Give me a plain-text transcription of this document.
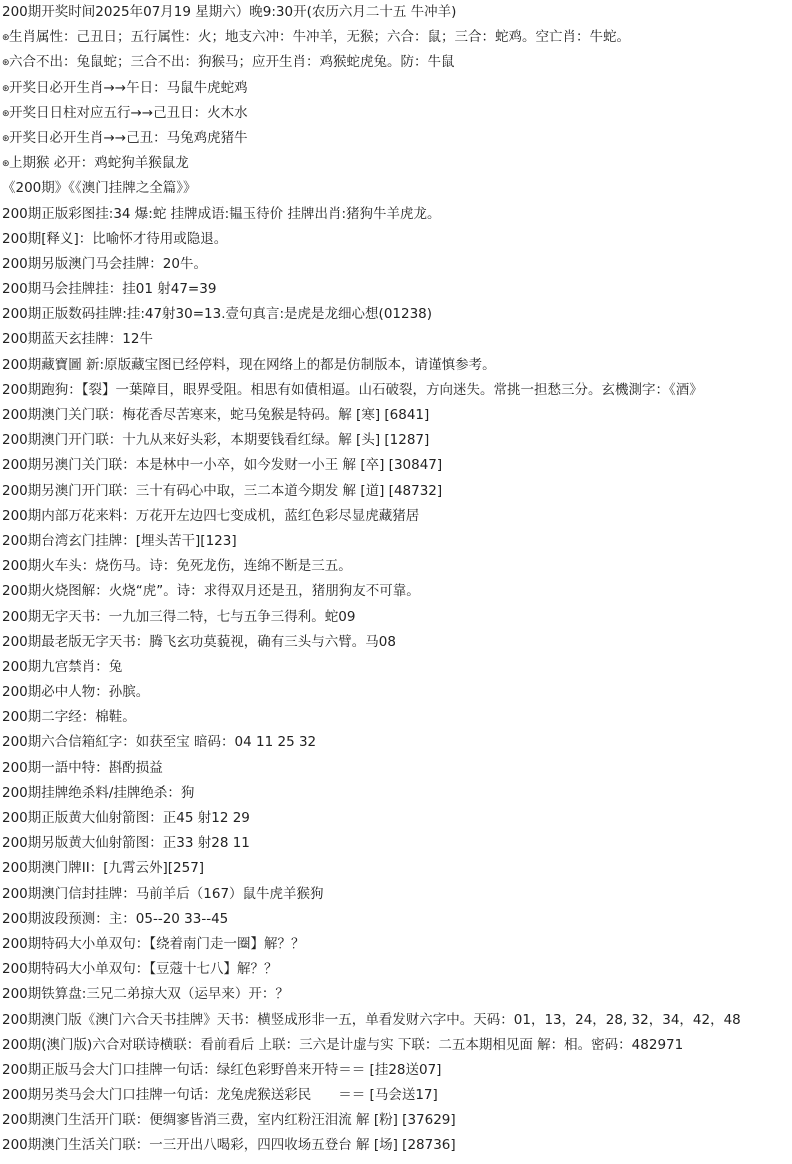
200期开奖时间2025年07月19 星期六）晚9:30开(农历六月二十五 牛冲羊)
⊛生肖属性：己丑日；五行属性：火；地支六冲：牛冲羊，无猴；六合：鼠；三合：蛇鸡。空亡肖：牛蛇。
⊛六合不出：兔鼠蛇；三合不出：狗猴马；应开生肖：鸡猴蛇虎兔。防：牛鼠
⊛开奖日必开生肖→→午日：马鼠牛虎蛇鸡
⊛开奖日日柱对应五行→→己丑日：火木水
⊛开奖日必开生肖→→己丑：马兔鸡虎猪牛
⊛上期猴 必开：鸡蛇狗羊猴鼠龙
《200期》《《澳门挂牌之全篇》》
200期正版彩图挂:34 爆:蛇 挂牌成语:韫玉待价 挂牌出肖:猪狗牛羊虎龙。
200期[释义]：比喻怀才待用或隐退。
200期另版澳门马会挂牌：20牛。
200期马会挂牌挂：挂01 射47=39
200期正版数码挂牌:挂:47射30=13.壹句真言:是虎是龙细心想(01238)
200期蓝天玄挂牌：12牛
200期藏寶圖 新:原版藏宝图已经停料，现在网络上的都是仿制版本，请谨慎参考。
200期跑狗：【裂】一葉障目，眼界受阻。相思有如債相逼。山石破裂，方向迷失。常挑一担愁三分。玄機測字：《酒》
200期澳门关门联：梅花香尽苦寒来，蛇马兔猴是特码。解 [寒] [6841]
200期澳门开门联：十九从来好头彩，本期要钱看红绿。解 [头] [1287]
200期另澳门关门联：本是林中一小卒，如今发财一小王 解 [卒] [30847]
200期另澳门开门联：三十有码心中取，三二本道今期发 解 [道] [48732]
200期内部万花来料：万花开左边四七变成机，蓝红色彩尽显虎藏猪居
200期台湾玄门挂牌：[埋头苦干][123]
200期火车头：烧伤马。诗：免死龙伤，连绵不断是三五。
200期火烧图解：火烧“虎”。诗：求得双月还是丑，猪朋狗友不可靠。
200期无字天书：一九加三得二特，七与五争三得利。蛇09
200期最老版无字天书：腾飞玄功莫藐视，确有三头与六臂。马08
200期九宫禁肖：兔
200期必中人物：孙膑。
200期二字经：棉鞋。
200期六合信箱紅字：如获至宝 暗码：04 11 25 32
200期一語中特：斟酌损益
200期挂牌绝杀料/挂牌绝杀：狗
200期正版黄大仙射箭图：正45 射12 29
200期另版黄大仙射箭图：正33 射28 11
200期澳门牌II：[九霄云外][257]
200期澳门信封挂牌：马前羊后（167）鼠牛虎羊猴狗
200期波段预测：主：05--20 33--45
200期特码大小单双句：【绕着南门走一圈】解？？
200期特码大小单双句：【豆蔻十七八】解？？
200期铁算盘:三兄二弟掠大双（运早来）开：？
200期澳门版《澳门六合天书挂牌》天书：横竖成形非一五，单看发财六字中。天码：01，13，24，28, 32，34，42，48
200期(澳门版)六合对联诗横联：看前看后 上联：三六是计虚与实 下联：二五本期相见面 解：相。密码：482971
200期正版马会大门口挂牌一句话：绿红色彩野兽来开特＝＝ [挂28送07]
200期另类马会大门口挂牌一句话：龙兔虎猴送彩民　　＝＝ [马会送17]
200期澳门生活开门联：便绸寥皆消三费，室内红粉汪泪流 解 [粉] [37629]
200期澳门生活关门联：一三开出八喝彩，四四收场五登台 解 [场] [28736]
